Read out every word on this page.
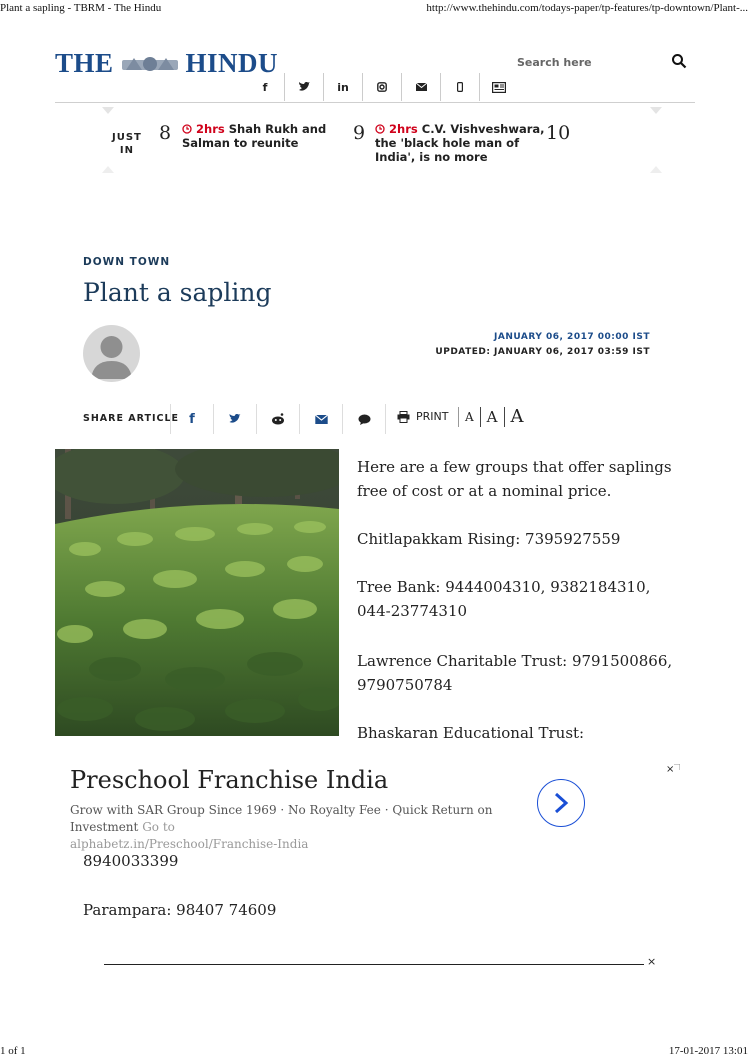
Plant a sapling - TBRM - The Hindu	http://www.thehindu.com/todays-paper/tp-features/tp-downtown/Plant-...
THE	HINDU	Search here
f	in
JUST
IN
8	2hrs Shah Rukh and
Salman to reunite	9	2hrs C.V. Vishveshwara,
the 'black hole man of
India', is no more
10
DOWN TOWN
Plant a sapling
JANUARY 06, 2017 00:00 IST
UPDATED: JANUARY 06, 2017 03:59 IST
SHARE ARTICLE f	PRINT	A A A
Here are a few groups that offer saplings
free of cost or at a nominal price.
Chitlapakkam Rising: 7395927559
Tree Bank: 9444004310, 9382184310,
044-23774310
Lawrence Charitable Trust: 9791500866,
9790750784
Bhaskaran Educational Trust:
Preschool Franchise India
Grow with SAR Group Since 1969 · No Royalty Fee · Quick Return on Investment Go to
alphabetz.in/Preschool/Franchise-India
×
8940033399
Parampara: 98407 74609
×
1 of 1	17-01-2017 13:01
